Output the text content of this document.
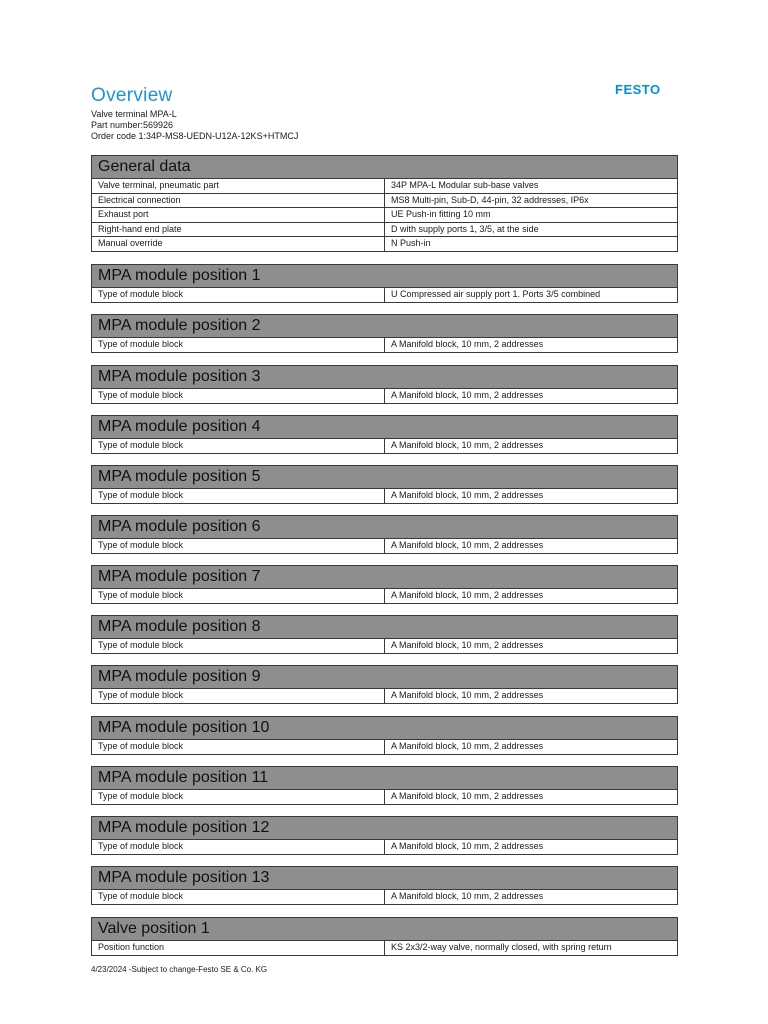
Overview	FESTO
Valve terminal MPA-L
Part number:569926
Order code 1:34P-MS8-UEDN-U12A-12KS+HTMCJ
General data
Valve terminal, pneumatic part	34P MPA-L Modular sub-base valves
Electrical connection	MS8 Multi-pin, Sub-D, 44-pin, 32 addresses, IP6x
Exhaust port	UE Push-in fitting 10 mm
Right-hand end plate	D with supply ports 1, 3/5, at the side
Manual override	N Push-in
MPA module position 1
Type of module block	U Compressed air supply port 1. Ports 3/5 combined
MPA module position 2
Type of module block	A Manifold block, 10 mm, 2 addresses
MPA module position 3
Type of module block	A Manifold block, 10 mm, 2 addresses
MPA module position 4
Type of module block	A Manifold block, 10 mm, 2 addresses
MPA module position 5
Type of module block	A Manifold block, 10 mm, 2 addresses
MPA module position 6
Type of module block	A Manifold block, 10 mm, 2 addresses
MPA module position 7
Type of module block	A Manifold block, 10 mm, 2 addresses
MPA module position 8
Type of module block	A Manifold block, 10 mm, 2 addresses
MPA module position 9
Type of module block	A Manifold block, 10 mm, 2 addresses
MPA module position 10
Type of module block	A Manifold block, 10 mm, 2 addresses
MPA module position 11
Type of module block	A Manifold block, 10 mm, 2 addresses
MPA module position 12
Type of module block	A Manifold block, 10 mm, 2 addresses
MPA module position 13
Type of module block	A Manifold block, 10 mm, 2 addresses
Valve position 1
Position function	KS 2x3/2-way valve, normally closed, with spring return
4/23/2024 -Subject to change-Festo SE & Co. KG
